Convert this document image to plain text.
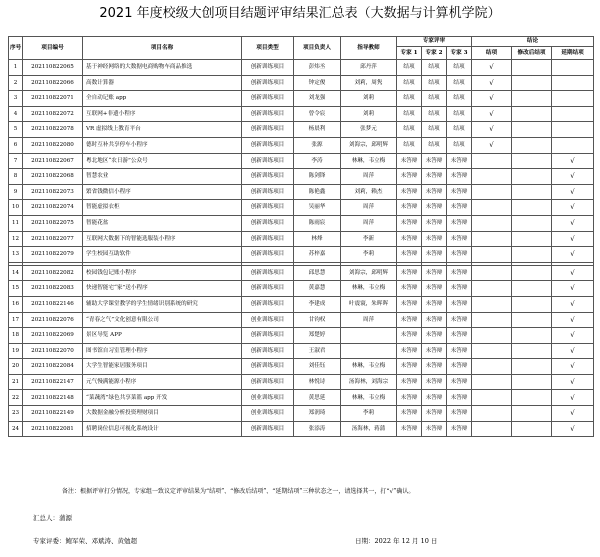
2021 年度校级大创项目结题评审结果汇总表（大数据与计算机学院）
序号	项目编号	项目名称	项目类型	项目负责人	指导教师	专家评审			结论		
						专家 1	专家 2	专家 3	结项	修改后结项	延期结项
1	202110822065	基于神经网络的大数据电商购物车商品推选	创新训练项目	彭炜丞	邱丹萍	结项	结项	结项	√		
2	202110822066	高数计算器	创新训练项目	钟定俊	刘莉，周隽	结项	结项	结项	√		
3	202110822071	全自动记账 app	创新训练项目	刘龙强	刘莉	结项	结项	结项	√		
4	202110822072	互联网+非遗小程序	创新训练项目	曾令宸	刘莉	结项	结项	结项	√		
5	202110822078	VR 虚拟线上教育平台	创新训练项目	杨晨利	张梦元	结项	结项	结项	√		
6	202110822080	德时互补共享停车小程序	创新训练项目	张源	刘海宗，邱明辉	结项	结项	结项	√		
7	202110822067	粤北地区“农日游”公众号	创新训练项目	李涛	林琳，韦立梅	未答辩	未答辩	未答辩			√
8	202110822068	智慧农业	创新训练项目	陈剑锋	周萍	未答辩	未答辩	未答辩			√
9	202110822073	繁省钱微信小程序	创新训练项目	陈艳鑫	刘莉，赖杰	未答辩	未答辩	未答辩			√
10	202110822074	智能虚拟衣柜	创新训练项目	吴丽华	周萍	未答辩	未答辩	未答辩			√
11	202110822075	智能花盆	创新训练项目	陈雨宸	周萍	未答辩	未答辩	未答辩			√
12	202110822077	互联网大数据下的智能选服装小程序	创新训练项目	林烽	李新	未答辩	未答辩	未答辩			√
13	202110822079	学生校园互助软件	创新训练项目	苏梓嘉	李莉	未答辩	未答辩	未答辩			√

14	202110822082	校园钱包记账小程序	创新训练项目	邱思慧	刘海宗，邱明辉	未答辩	未答辩	未答辩			√
15	202110822083	快递智能宅“家”送小程序	创新训练项目	黄嘉慧	林琳，韦立梅	未答辩	未答辩	未答辩			√
16	202110822146	辅助大学课堂教学的学生情绪识别系统的研究	创新训练项目	李建成	叶震寰，朱晖晖	未答辩	未答辩	未答辩			√
17	202110822076	“青春之气”文化创意有限公司	创业训练项目	甘钧权	周萍	未答辩	未答辩	未答辩			√
18	202110822069	景区导览 APP	创新训练项目	郑楚婷		未答辩	未答辩	未答辩			√
19	202110822070	图书馆自习室管理小程序	创新训练项目	王淑君		未答辩	未答辩	未答辩			√
20	202110822084	大学生智能家居服务项目	创新训练项目	刘佳钰	林琳，韦立梅	未答辩	未答辩	未答辩			√
21	202110822147	元气慢满能源小程序	创新训练项目	林悦诗	汤海林，刘海宗	未答辩	未答辩	未答辩			√
22	202110822148	“菜蔬湾”绿色共享菜篮 app 开发	创业训练项目	黄思延	林琳，韦立梅	未答辩	未答辩	未答辩			√
23	202110822149	大数据金融分析投资理财项目	创业训练项目	郑润琦	李莉	未答辩	未答辩	未答辩			√
24	202110822081	招聘岗位信息可视化系统设计	创新训练项目	张添涛	汤海林，蒋蒲	未答辩	未答辩	未答辩			√
备注：根据评审打分情况，专家组一致议定评审结果为“结项”、“修改后结项”、“延期结项”三种状态之一，请选择其一，打“√”确认。
汇总人：蒲源
专家评委：鲍军荣、邓斌涛、黄勉超	日期：2022 年 12 月 10 日
